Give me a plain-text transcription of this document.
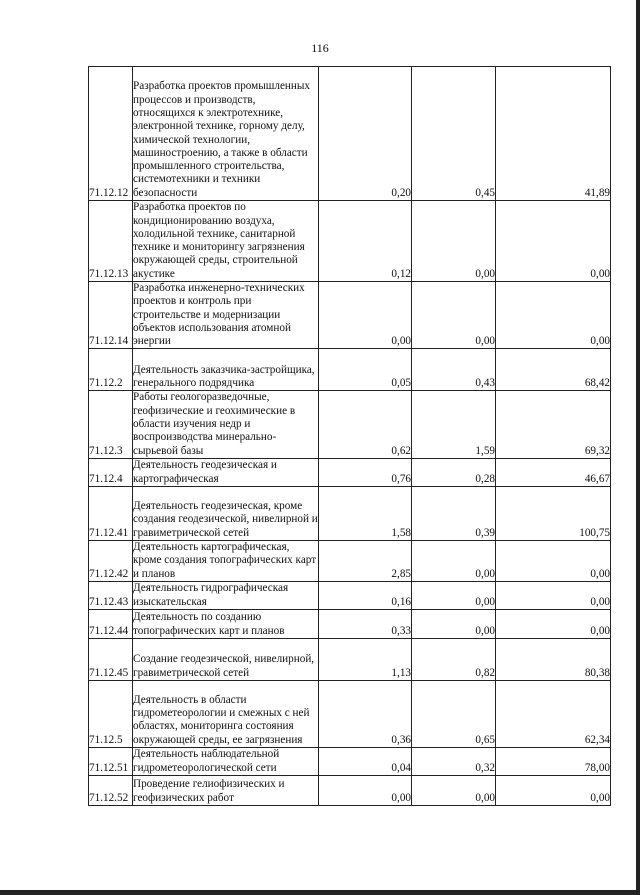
116
71.12.12	Разработка проектов промышленных процессов и производств, относящихся к электротехнике, электронной технике, горному делу, химической технологии, машиностроению, а также в области промышленного строительства, системотехники и техники безопасности	0,20	0,45	41,89
71.12.13	Разработка проектов по кондиционированию воздуха, холодильной технике, санитарной технике и мониторингу загрязнения окружающей среды, строительной акустике	0,12	0,00	0,00
71.12.14	Разработка инженерно-технических проектов и контроль при строительстве и модернизации объектов использования атомной энергии	0,00	0,00	0,00
71.12.2	Деятельность заказчика-застройщика, генерального подрядчика	0,05	0,43	68,42
71.12.3	Работы геологоразведочные, геофизические и геохимические в области изучения недр и воспроизводства минерально-сырьевой базы	0,62	1,59	69,32
71.12.4	Деятельность геодезическая и картографическая	0,76	0,28	46,67
71.12.41	Деятельность геодезическая, кроме создания геодезической, нивелирной и гравиметрической сетей	1,58	0,39	100,75
71.12.42	Деятельность картографическая, кроме создания топографических карт и планов	2,85	0,00	0,00
71.12.43	Деятельность гидрографическая изыскательская	0,16	0,00	0,00
71.12.44	Деятельность по созданию топографических карт и планов	0,33	0,00	0,00
71.12.45	Создание геодезической, нивелирной, гравиметрической сетей	1,13	0,82	80,38
71.12.5	Деятельность в области гидрометеорологии и смежных с ней областях, мониторинга состояния окружающей среды, ее загрязнения	0,36	0,65	62,34
71.12.51	Деятельность наблюдательной гидрометеорологической сети	0,04	0,32	78,00
71.12.52	Проведение гелиофизических и геофизических работ	0,00	0,00	0,00
